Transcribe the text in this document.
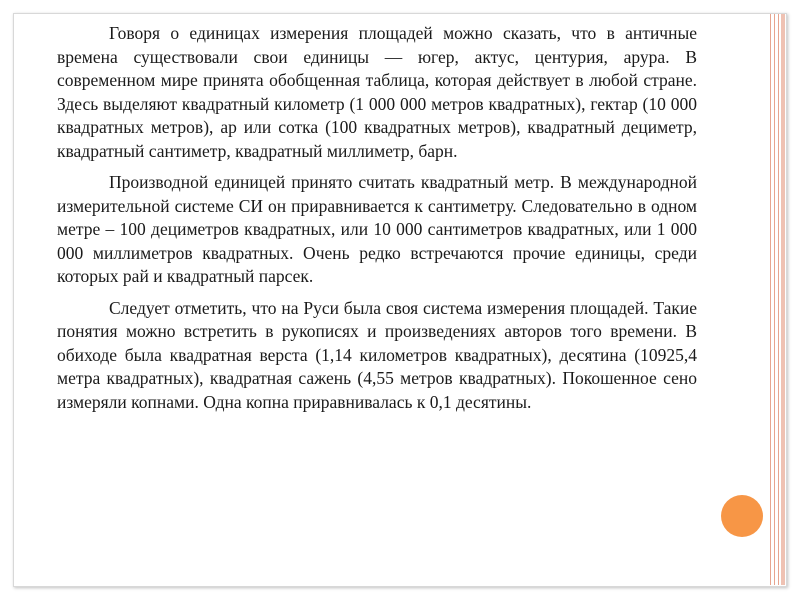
Говоря о единицах измерения площадей можно сказать, что в античные времена существовали свои единицы — югер, актус, центурия, арура. В современном мире принята обобщенная таблица, которая действует в любой стране. Здесь выделяют квадратный километр (1 000 000 метров квадратных), гектар (10 000 квадратных метров), ар или сотка (100 квадратных метров), квадратный дециметр, квадратный сантиметр, квадратный миллиметр, барн.

Производной единицей принято считать квадратный метр. В международной измерительной системе СИ он приравнивается к сантиметру. Следовательно в одном метре – 100 дециметров квадратных, или 10 000 сантиметров квадратных, или 1 000 000 миллиметров квадратных. Очень редко встречаются прочие единицы, среди которых рай и квадратный парсек.

Следует отметить, что на Руси была своя система измерения площадей. Такие понятия можно встретить в рукописях и произведениях авторов того времени. В обиходе была квадратная верста (1,14 километров квадратных), десятина (10925,4 метра квадратных), квадратная сажень (4,55 метров квадратных). Покошенное сено измеряли копнами. Одна копна приравнивалась к 0,1 десятины.
